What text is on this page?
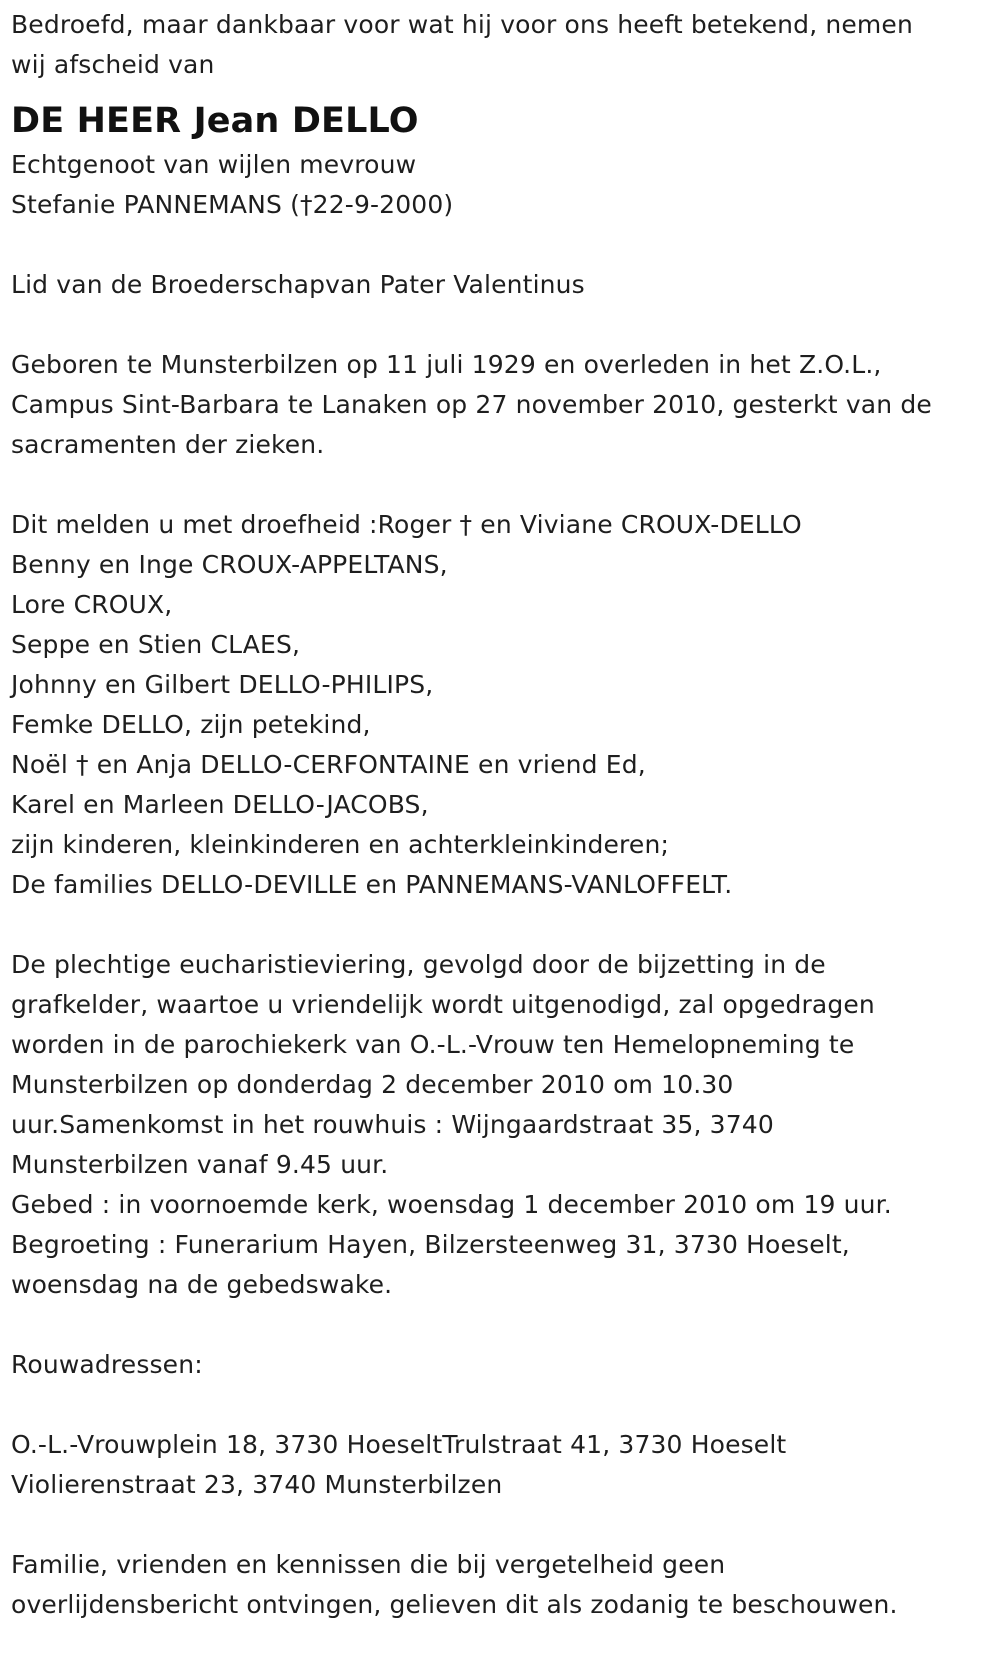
Bedroefd, maar dankbaar voor wat hij voor ons heeft betekend, nemen
wij afscheid van
DE HEER Jean DELLO
Echtgenoot van wijlen mevrouw
Stefanie PANNEMANS (†22-9-2000)
Lid van de Broederschapvan Pater Valentinus
Geboren te Munsterbilzen op 11 juli 1929 en overleden in het Z.O.L.,
Campus Sint-Barbara te Lanaken op 27 november 2010, gesterkt van de
sacramenten der zieken.
Dit melden u met droefheid :Roger † en Viviane CROUX-DELLO
Benny en Inge CROUX-APPELTANS,
Lore CROUX,
Seppe en Stien CLAES,
Johnny en Gilbert DELLO-PHILIPS,
Femke DELLO, zijn petekind,
Noël † en Anja DELLO-CERFONTAINE en vriend Ed,
Karel en Marleen DELLO-JACOBS,
zijn kinderen, kleinkinderen en achterkleinkinderen;
De families DELLO-DEVILLE en PANNEMANS-VANLOFFELT.
De plechtige eucharistieviering, gevolgd door de bijzetting in de
grafkelder, waartoe u vriendelijk wordt uitgenodigd, zal opgedragen
worden in de parochiekerk van O.-L.-Vrouw ten Hemelopneming te
Munsterbilzen op donderdag 2 december 2010 om 10.30
uur.Samenkomst in het rouwhuis : Wijngaardstraat 35, 3740
Munsterbilzen vanaf 9.45 uur.
Gebed : in voornoemde kerk, woensdag 1 december 2010 om 19 uur.
Begroeting : Funerarium Hayen, Bilzersteenweg 31, 3730 Hoeselt,
woensdag na de gebedswake.
Rouwadressen:
O.-L.-Vrouwplein 18, 3730 HoeseltTrulstraat 41, 3730 Hoeselt
Violierenstraat 23, 3740 Munsterbilzen
Familie, vrienden en kennissen die bij vergetelheid geen
overlijdensbericht ontvingen, gelieven dit als zodanig te beschouwen.
